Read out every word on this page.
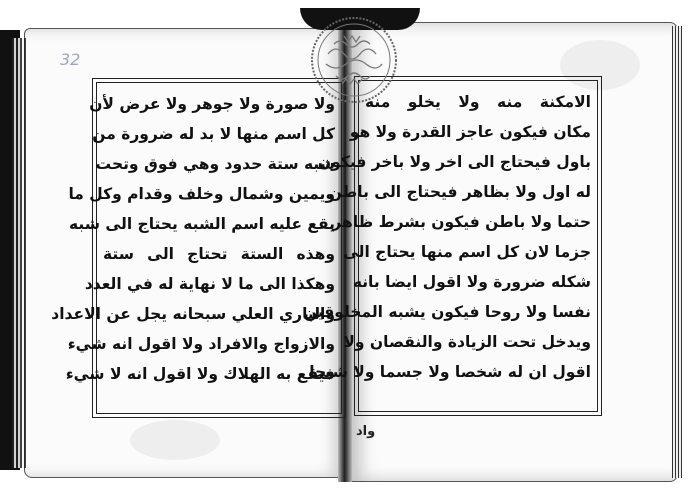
32
ولا صورة ولا جوهر ولا عرض لأن
كل اسم منها لا بد له ضرورة من
شبه ستة حدود وهي فوق وتحت
ويمين وشمال وخلف وقدام وكل ما
يقع عليه اسم الشبه يحتاج الى شبه
وهذه الستة تحتاج الى ستة
وهكذا الى ما لا نهاية له في العدد
والباري العلي سبحانه يجل عن الاعداد
والازواج والافراد ولا اقول انه شيء
فيقع به الهلاك ولا اقول انه لا شيء
الامكنة منه ولا يخلو منه
مكان فيكون عاجز القدرة ولا هو
باول فيحتاج الى اخر ولا باخر فيكون
له اول ولا بظاهر فيحتاج الى باطن
حتما ولا باطن فيكون بشرط ظاهر
جزما لان كل اسم منها يحتاج الى
شكله ضرورة ولا اقول ايضا بانه
نفسا ولا روحا فيكون يشبه المخلوقين
ويدخل تحت الزيادة والنقصان ولا
اقول ان له شخصا ولا جسما ولا شبحا
واد
